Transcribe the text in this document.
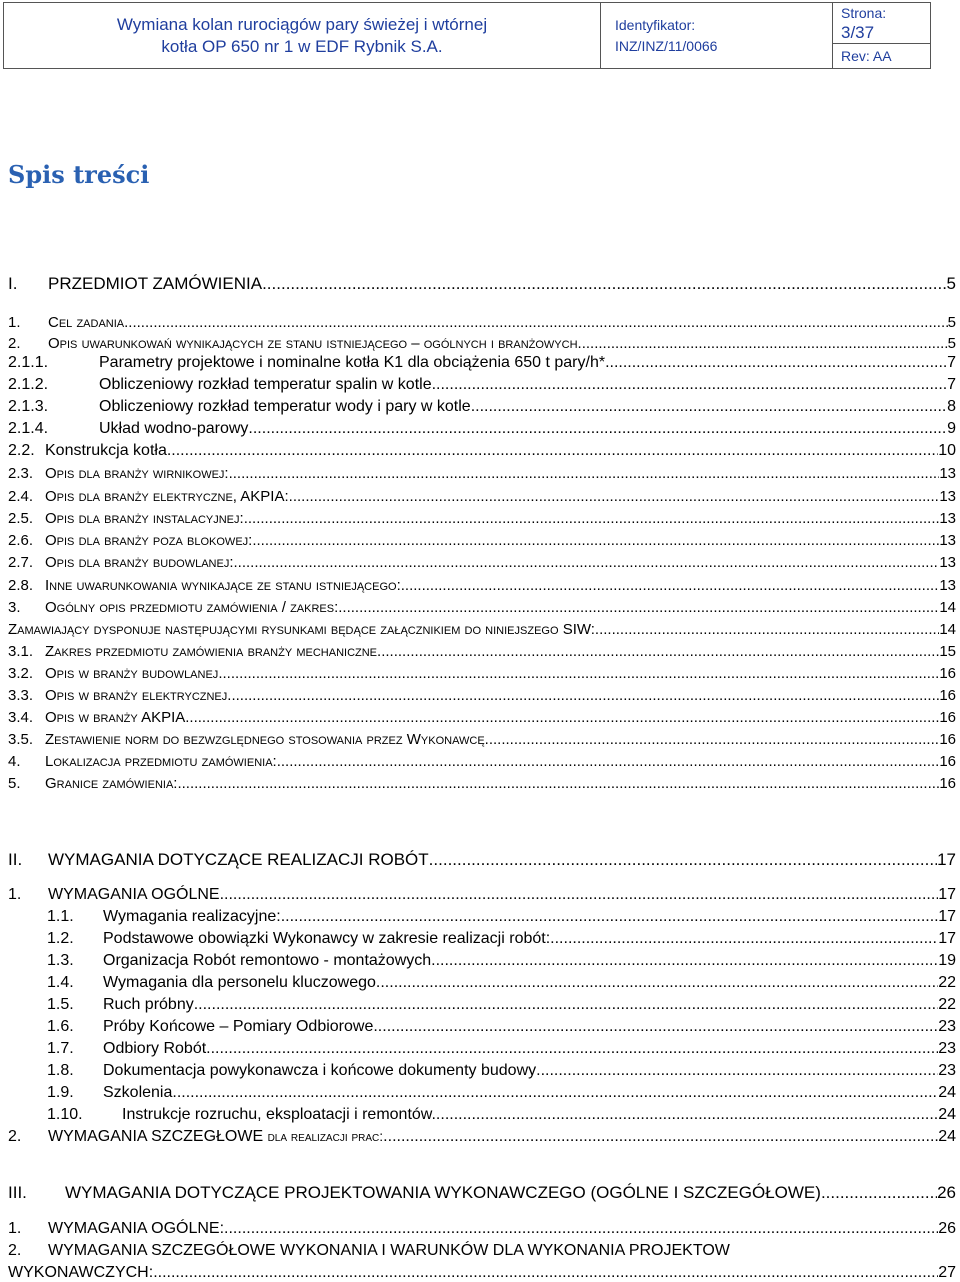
Wymiana kolan rurociągów pary świeżej i wtórnej
kotła OP 650 nr 1 w EDF Rybnik S.A.
Identyfikator:
INZ/INZ/11/0066
Strona:
3/37
Rev: AA
Spis treści
I.	PRZEDMIOT ZAMÓWIENIA .....	5
1.	Cel zadania .....	5
2.	Opis uwarunkowań wynikających ze stanu istniejącego – ogólnych i branżowych .....	5
2.1.1.	Parametry projektowe i nominalne kotła K1 dla obciążenia 650 t pary/h* .....	7
2.1.2.	Obliczeniowy rozkład temperatur spalin w kotle .....	7
2.1.3.	Obliczeniowy rozkład temperatur wody i pary w kotle .....	8
2.1.4.	Układ wodno-parowy .....	9
2.2. Konstrukcja kotła. .....	10
2.3. Opis dla branży wirnikowej: .....	13
2.4. Opis dla branży elektryczne, AKPIA: .....	13
2.5. Opis dla branży instalacyjnej: .....	13
2.6. Opis dla branży poza blokowej: .....	13
2.7. Opis dla branży budowlanej: .....	13
2.8. Inne uwarunkowania wynikające ze stanu istniejącego: .....	13
3.	Ogólny opis przedmiotu zamówienia / zakres: .....	14
Zamawiający dysponuje następującymi rysunkami będące załącznikiem do niniejszego SIW: .....	14
3.1. Zakres przedmiotu zamówienia branży mechaniczne .....	15
3.2. Opis w branży budowlanej .....	16
3.3. Opis w branży elektrycznej .....	16
3.4. Opis w branży AKPIA .....	16
3.5. Zestawienie norm do bezwzględnego stosowania przez Wykonawcę. .....	16
4.	Lokalizacja przedmiotu zamówienia: .....	16
5.	Granice zamówienia: .....	16
II.	WYMAGANIA DOTYCZĄCE REALIZACJI ROBÓT .....	17
1.	WYMAGANIA OGÓLNE .....	17
1.1.	Wymagania realizacyjne: .....	17
1.2.	Podstawowe obowiązki Wykonawcy w zakresie realizacji robót: .....	17
1.3.	Organizacja Robót remontowo - montażowych. .....	19
1.4.	Wymagania dla personelu kluczowego .....	22
1.5.	Ruch próbny .....	22
1.6.	Próby Końcowe – Pomiary Odbiorowe. .....	23
1.7.	Odbiory Robót. .....	23
1.8.	Dokumentacja powykonawcza i końcowe dokumenty budowy .....	23
1.9.	Szkolenia .....	24
1.10.	Instrukcje rozruchu, eksploatacji i remontów. .....	24
2.	WYMAGANIA SZCZEGŁOWE dla realizacji prac: .....	24
III.	WYMAGANIA DOTYCZĄCE PROJEKTOWANIA WYKONAWCZEGO (OGÓLNE I SZCZEGÓŁOWE) .....	26
1.	WYMAGANIA OGÓLNE: .....	26
2.	WYMAGANIA SZCZEGÓŁOWE WYKONANIA I WARUNKÓW DLA WYKONANIA PROJEKTOW
WYKONAWCZYCH: .....	27
